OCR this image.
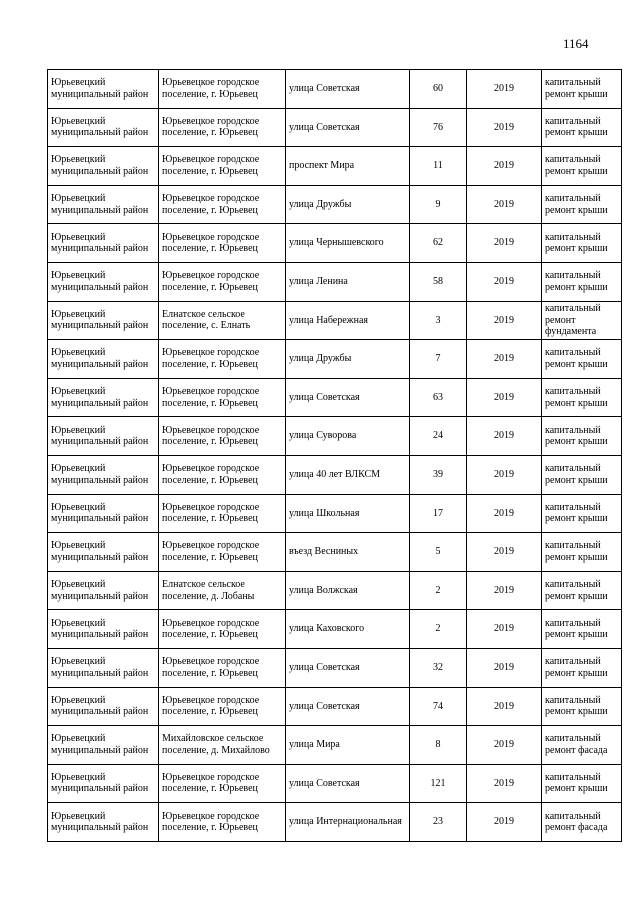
1164
Юрьевецкий муниципальный район	Юрьевецкое городское поселение, г. Юрьевец	улица Советская	60	2019	капитальный ремонт крыши

Юрьевецкий муниципальный район	Юрьевецкое городское поселение, г. Юрьевец	улица Советская	76	2019	капитальный ремонт крыши

Юрьевецкий муниципальный район	Юрьевецкое городское поселение, г. Юрьевец	проспект Мира	11	2019	капитальный ремонт крыши

Юрьевецкий муниципальный район	Юрьевецкое городское поселение, г. Юрьевец	улица Дружбы	9	2019	капитальный ремонт крыши

Юрьевецкий муниципальный район	Юрьевецкое городское поселение, г. Юрьевец	улица Чернышевского	62	2019	капитальный ремонт крыши

Юрьевецкий муниципальный район	Юрьевецкое городское поселение, г. Юрьевец	улица Ленина	58	2019	капитальный ремонт крыши

Юрьевецкий муниципальный район	Елнатское сельское поселение, с. Елнать	улица Набережная	3	2019	капитальный ремонт фундамента

Юрьевецкий муниципальный район	Юрьевецкое городское поселение, г. Юрьевец	улица Дружбы	7	2019	капитальный ремонт крыши

Юрьевецкий муниципальный район	Юрьевецкое городское поселение, г. Юрьевец	улица Советская	63	2019	капитальный ремонт крыши

Юрьевецкий муниципальный район	Юрьевецкое городское поселение, г. Юрьевец	улица Суворова	24	2019	капитальный ремонт крыши

Юрьевецкий муниципальный район	Юрьевецкое городское поселение, г. Юрьевец	улица 40 лет ВЛКСМ	39	2019	капитальный ремонт крыши

Юрьевецкий муниципальный район	Юрьевецкое городское поселение, г. Юрьевец	улица Школьная	17	2019	капитальный ремонт крыши

Юрьевецкий муниципальный район	Юрьевецкое городское поселение, г. Юрьевец	въезд Весниных	5	2019	капитальный ремонт крыши

Юрьевецкий муниципальный район	Елнатское сельское поселение, д. Лобаны	улица Волжская	2	2019	капитальный ремонт крыши

Юрьевецкий муниципальный район	Юрьевецкое городское поселение, г. Юрьевец	улица Каховского	2	2019	капитальный ремонт крыши

Юрьевецкий муниципальный район	Юрьевецкое городское поселение, г. Юрьевец	улица Советская	32	2019	капитальный ремонт крыши

Юрьевецкий муниципальный район	Юрьевецкое городское поселение, г. Юрьевец	улица Советская	74	2019	капитальный ремонт крыши

Юрьевецкий муниципальный район	Михайловское сельское поселение, д. Михайлово	улица Мира	8	2019	капитальный ремонт фасада

Юрьевецкий муниципальный район	Юрьевецкое городское поселение, г. Юрьевец	улица Советская	121	2019	капитальный ремонт крыши

Юрьевецкий муниципальный район	Юрьевецкое городское поселение, г. Юрьевец	улица Интернациональная	23	2019	капитальный ремонт фасада
